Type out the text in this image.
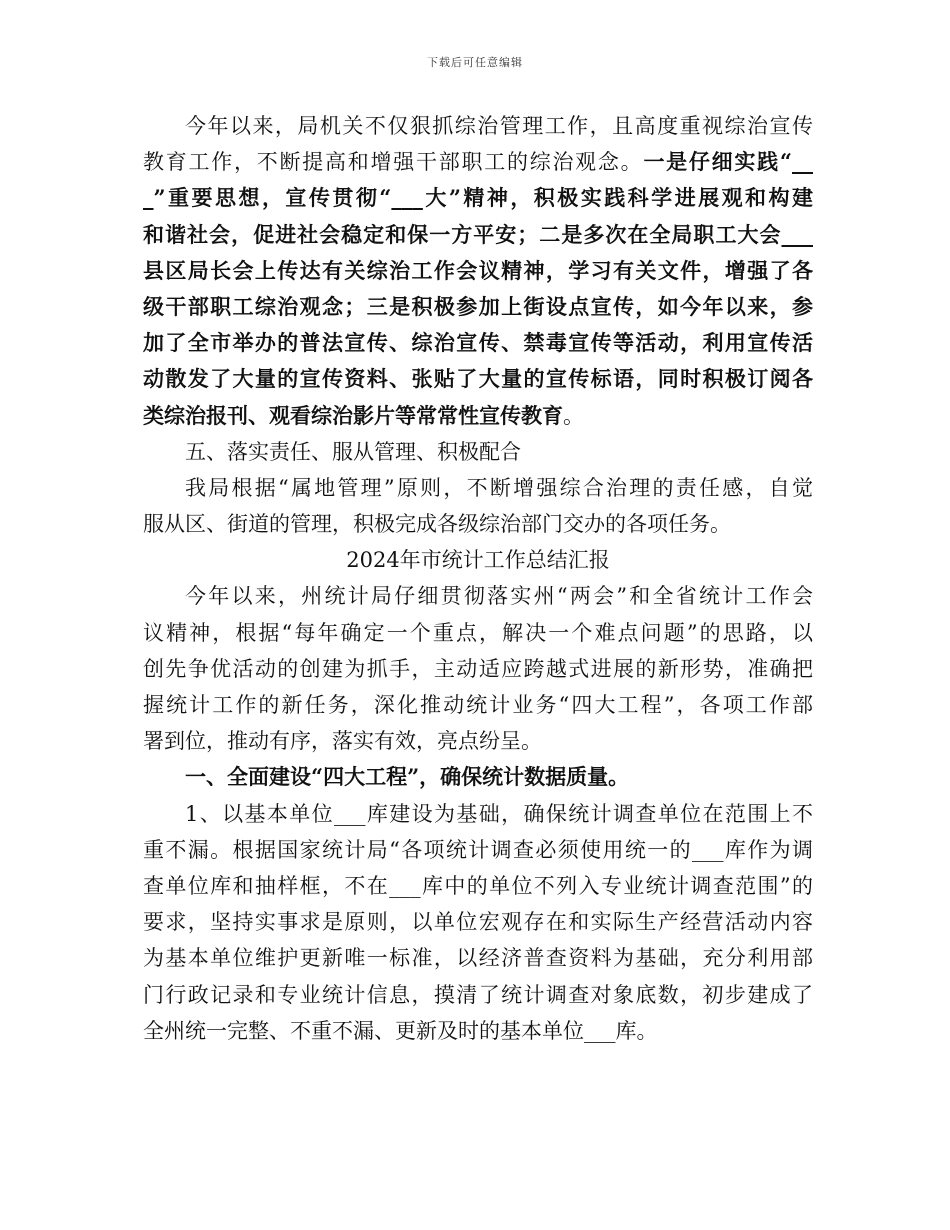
下载后可任意编辑
今年以来，局机关不仅狠抓综治管理工作，且高度重视综治宣传
教育工作，不断提高和增强干部职工的综治观念。一是仔细实践“__
_”重要思想，宣传贯彻“___大”精神，积极实践科学进展观和构建
和谐社会，促进社会稳定和保一方平安；二是多次在全局职工大会___
县区局长会上传达有关综治工作会议精神，学习有关文件，增强了各
级干部职工综治观念；三是积极参加上街设点宣传，如今年以来，参
加了全市举办的普法宣传、综治宣传、禁毒宣传等活动，利用宣传活
动散发了大量的宣传资料、张贴了大量的宣传标语，同时积极订阅各
类综治报刊、观看综治影片等常常性宣传教育。
五、落实责任、服从管理、积极配合
我局根据“属地管理”原则，不断增强综合治理的责任感，自觉
服从区、街道的管理，积极完成各级综治部门交办的各项任务。
2024年市统计工作总结汇报
今年以来，州统计局仔细贯彻落实州“两会”和全省统计工作会
议精神，根据“每年确定一个重点，解决一个难点问题”的思路，以
创先争优活动的创建为抓手，主动适应跨越式进展的新形势，准确把
握统计工作的新任务，深化推动统计业务“四大工程”，各项工作部
署到位，推动有序，落实有效，亮点纷呈。
一、全面建设“四大工程”，确保统计数据质量。
1、以基本单位___库建设为基础，确保统计调查单位在范围上不
重不漏。根据国家统计局“各项统计调查必须使用统一的___库作为调
查单位库和抽样框，不在___库中的单位不列入专业统计调查范围”的
要求，坚持实事求是原则，以单位宏观存在和实际生产经营活动内容
为基本单位维护更新唯一标准，以经济普查资料为基础，充分利用部
门行政记录和专业统计信息，摸清了统计调查对象底数，初步建成了
全州统一完整、不重不漏、更新及时的基本单位___库。
